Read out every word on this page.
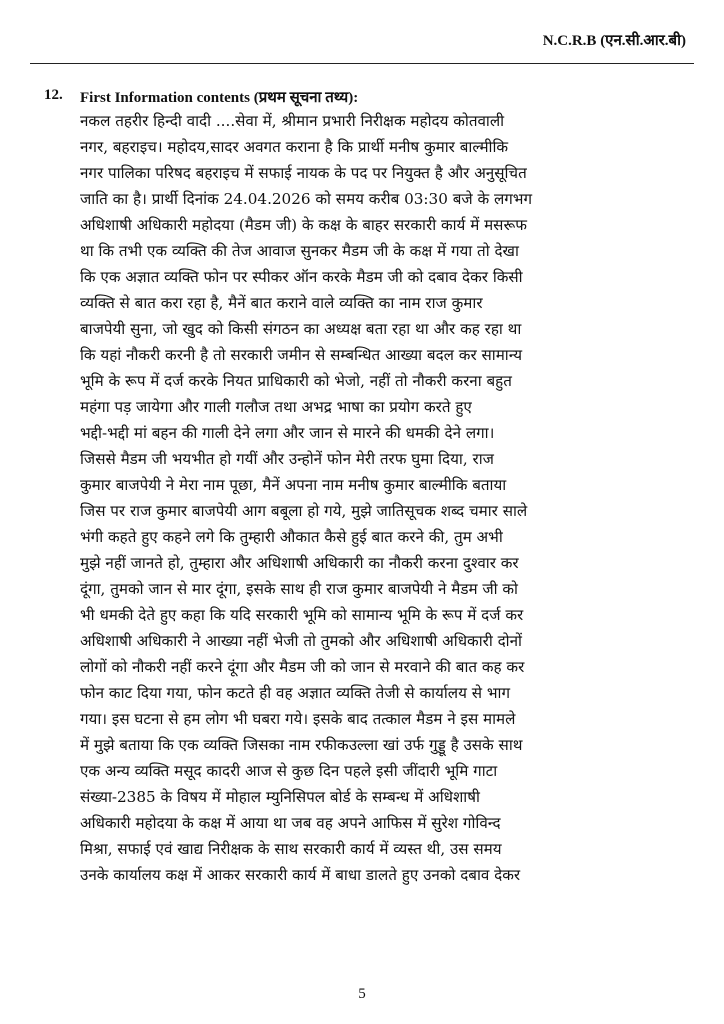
N.C.R.B (एन.सी.आर.बी)
12. First Information contents (प्रथम सूचना तथ्य):
नकल तहरीर हिन्दी वादी ....सेवा में, श्रीमान प्रभारी निरीक्षक महोदय कोतवाली
नगर, बहराइच। महोदय,सादर अवगत कराना है कि प्रार्थी मनीष कुमार बाल्मीकि
नगर पालिका परिषद बहराइच में सफाई नायक के पद पर नियुक्त है और अनुसूचित
जाति का है। प्रार्थी दिनांक 24.04.2026 को समय करीब 03:30 बजे के लगभग
अधिशाषी अधिकारी महोदया (मैडम जी) के कक्ष के बाहर सरकारी कार्य में मसरूफ
था कि तभी एक व्यक्ति की तेज आवाज सुनकर मैडम जी के कक्ष में गया तो देखा
कि एक अज्ञात व्यक्ति फोन पर स्पीकर ऑन करके मैडम जी को दबाव देकर किसी
व्यक्ति से बात करा रहा है, मैनें बात कराने वाले व्यक्ति का नाम राज कुमार
बाजपेयी सुना, जो खुद को किसी संगठन का अध्यक्ष बता रहा था और कह रहा था
कि यहां नौकरी करनी है तो सरकारी जमीन से सम्बन्धित आख्या बदल कर सामान्य
भूमि के रूप में दर्ज करके नियत प्राधिकारी को भेजो, नहीं तो नौकरी करना बहुत
महंगा पड़ जायेगा और गाली गलौज तथा अभद्र भाषा का प्रयोग करते हुए
भद्दी-भद्दी मां बहन की गाली देने लगा और जान से मारने की धमकी देने लगा।
जिससे मैडम जी भयभीत हो गयीं और उन्होनें फोन मेरी तरफ घुमा दिया, राज
कुमार बाजपेयी ने मेरा नाम पूछा, मैनें अपना नाम मनीष कुमार बाल्मीकि बताया
जिस पर राज कुमार बाजपेयी आग बबूला हो गये, मुझे जातिसूचक शब्द चमार साले
भंगी कहते हुए कहने लगे कि तुम्हारी औकात कैसे हुई बात करने की, तुम अभी
मुझे नहीं जानते हो, तुम्हारा और अधिशाषी अधिकारी का नौकरी करना दुश्वार कर
दूंगा, तुमको जान से मार दूंगा, इसके साथ ही राज कुमार बाजपेयी ने मैडम जी को
भी धमकी देते हुए कहा कि यदि सरकारी भूमि को सामान्य भूमि के रूप में दर्ज कर
अधिशाषी अधिकारी ने आख्या नहीं भेजी तो तुमको और अधिशाषी अधिकारी दोनों
लोगों को नौकरी नहीं करने दूंगा और मैडम जी को जान से मरवाने की बात कह कर
फोन काट दिया गया, फोन कटते ही वह अज्ञात व्यक्ति तेजी से कार्यालय से भाग
गया। इस घटना से हम लोग भी घबरा गये। इसके बाद तत्काल मैडम ने इस मामले
में मुझे बताया कि एक व्यक्ति जिसका नाम रफीकउल्ला खां उर्फ गुड्डू है उसके साथ
एक अन्य व्यक्ति मसूद कादरी आज से कुछ दिन पहले इसी जींदारी भूमि गाटा
संख्या-2385 के विषय में मोहाल म्युनिसिपल बोर्ड के सम्बन्ध में अधिशाषी
अधिकारी महोदया के कक्ष में आया था जब वह अपने आफिस में सुरेश गोविन्द
मिश्रा, सफाई एवं खाद्य निरीक्षक के साथ सरकारी कार्य में व्यस्त थी, उस समय
उनके कार्यालय कक्ष में आकर सरकारी कार्य में बाधा डालते हुए उनको दबाव देकर
5
